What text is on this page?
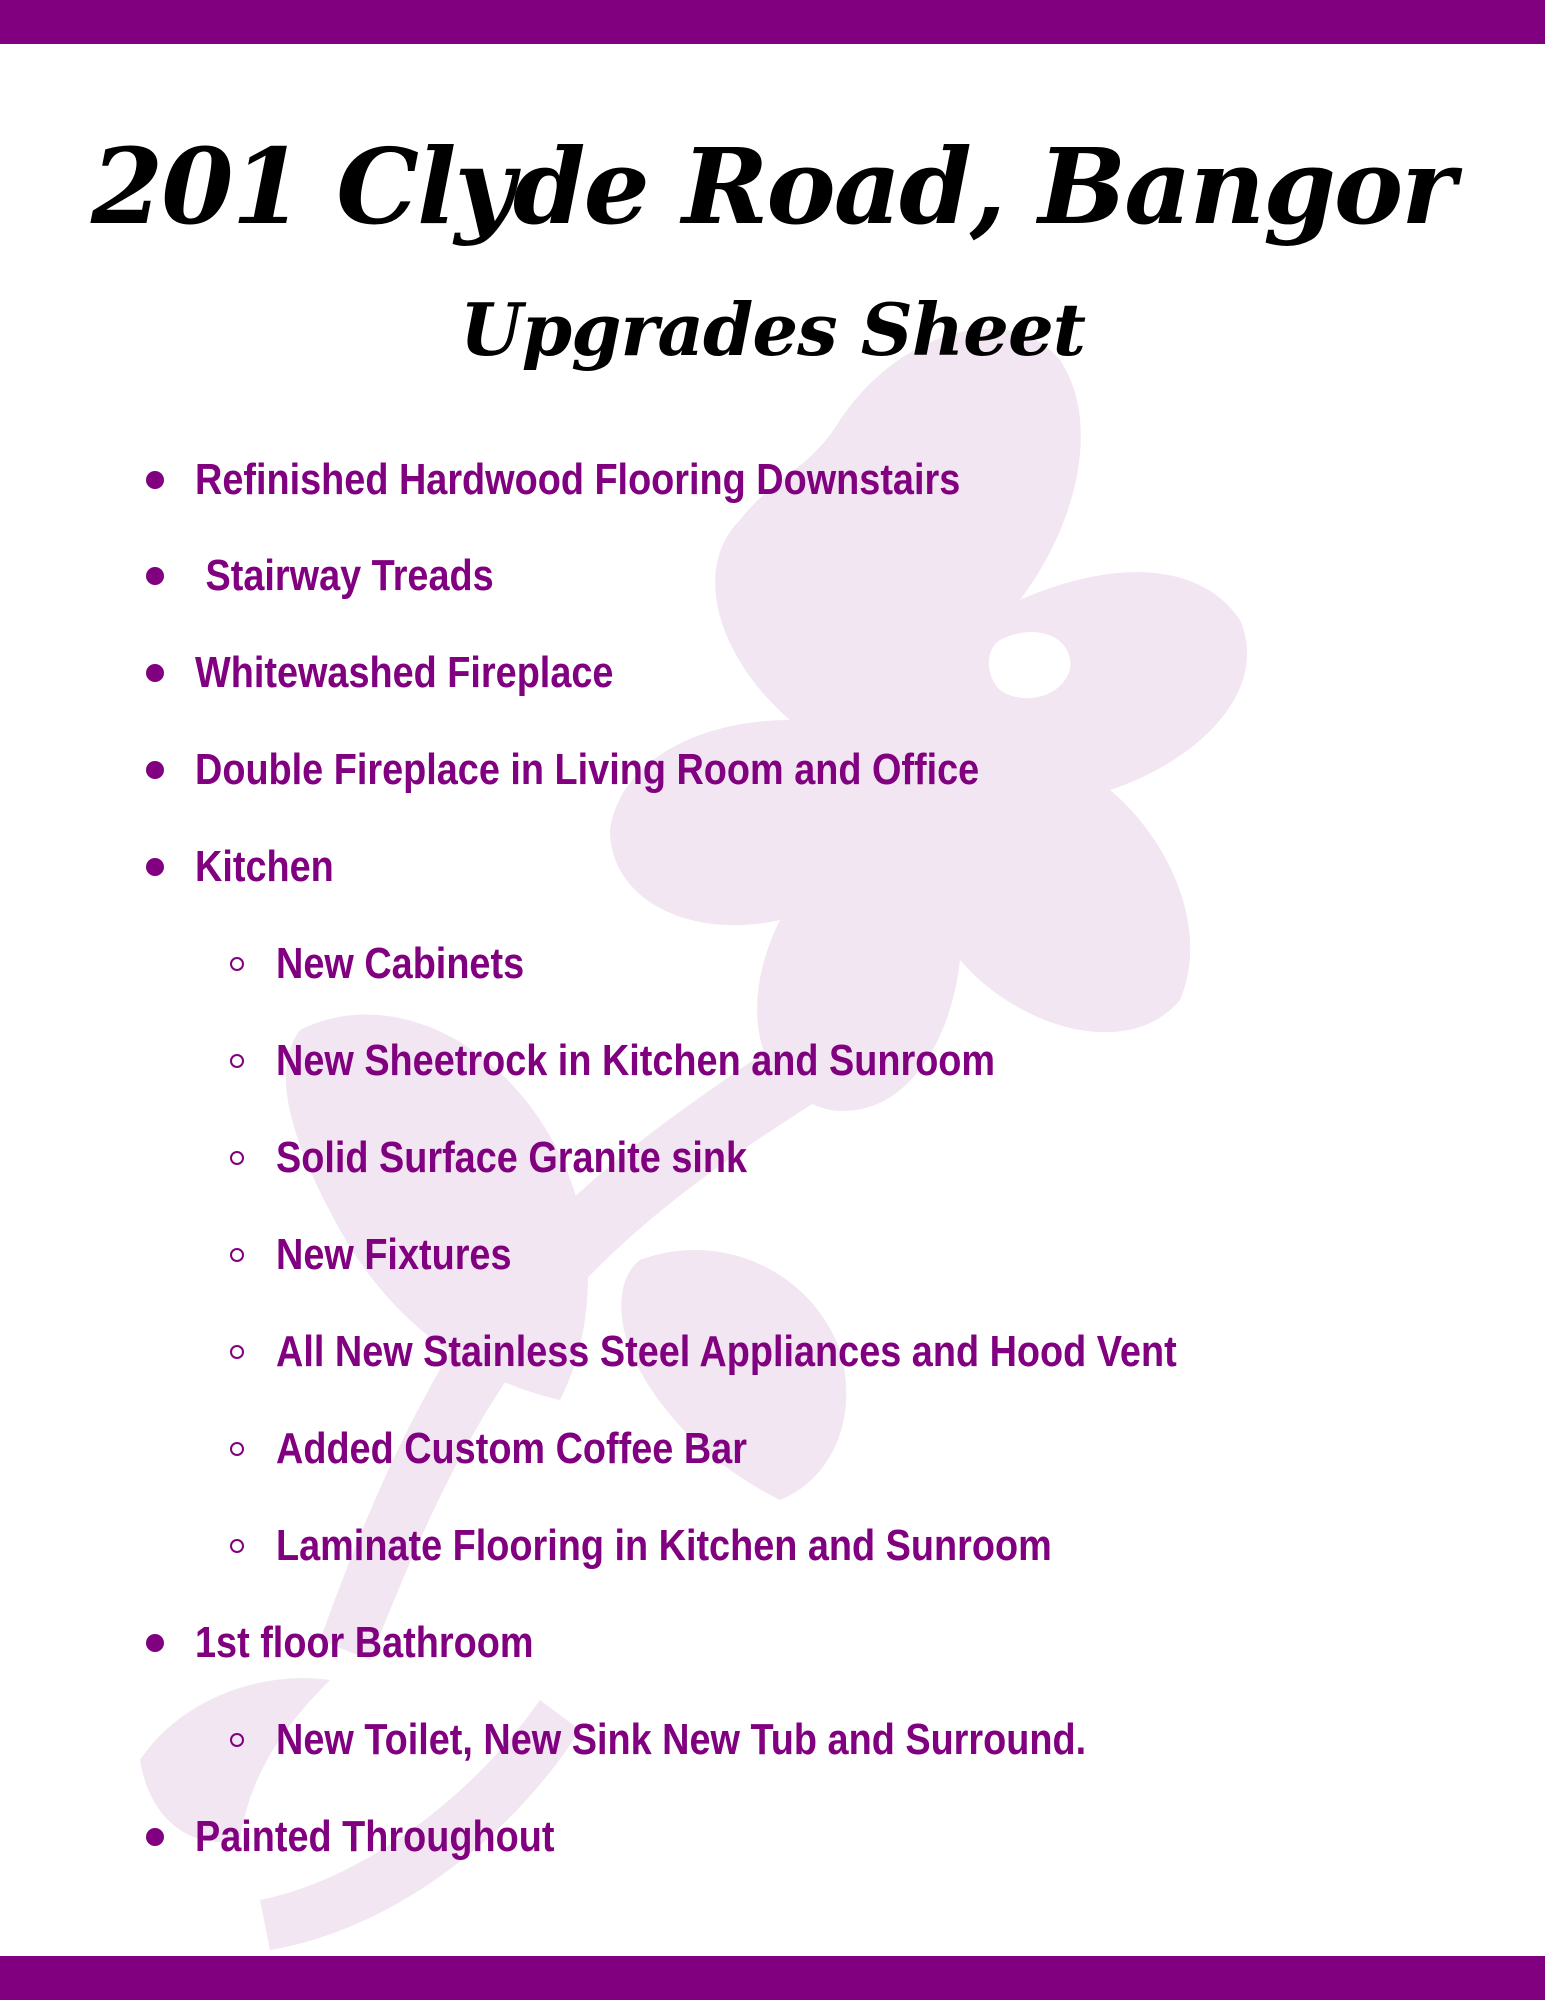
201 Clyde Road, Bangor
Upgrades Sheet
Refinished Hardwood Flooring Downstairs
Stairway Treads
Whitewashed Fireplace
Double Fireplace in Living Room and Office
Kitchen
New Cabinets
New Sheetrock in Kitchen and Sunroom
Solid Surface Granite sink
New Fixtures
All New Stainless Steel Appliances and Hood Vent
Added Custom Coffee Bar
Laminate Flooring in Kitchen and Sunroom
1st floor Bathroom
New Toilet, New Sink New Tub and Surround.
Painted Throughout
